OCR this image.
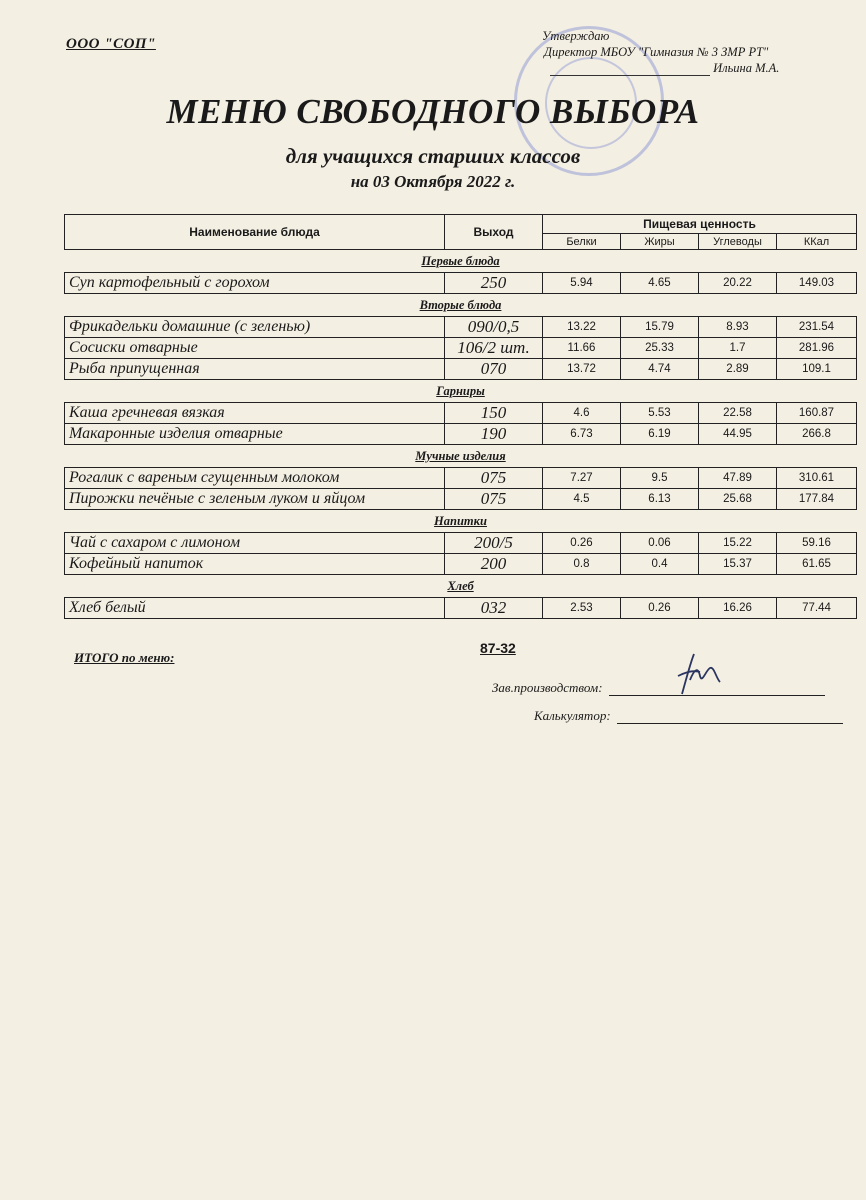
ООО "СОП"	Утверждаю
Директор МБОУ "Гимназия № 3 ЗМР РТ"
Ильина М.А.
МЕНЮ СВОБОДНОГО ВЫБОРА
для учащихся старших классов
на 03 Октября 2022 г.
Наименование блюда	Выход	Пищевая ценность			
		Белки	Жиры	Углеводы	ККал
Первые блюда					
Суп картофельный с горохом	250	5.94	4.65	20.22	149.03
Вторые блюда					
Фрикадельки домашние (с зеленью)	090/0,5	13.22	15.79	8.93	231.54
Сосиски отварные	106/2 шт.	11.66	25.33	1.7	281.96
Рыба припущенная	070	13.72	4.74	2.89	109.1
Гарниры					
Каша гречневая вязкая	150	4.6	5.53	22.58	160.87
Макаронные изделия отварные	190	6.73	6.19	44.95	266.8
Мучные изделия					
Рогалик с вареным сгущенным молоком	075	7.27	9.5	47.89	310.61
Пирожки печёные с зеленым луком и яйцом	075	4.5	6.13	25.68	177.84
Напитки					
Чай с сахаром с лимоном	200/5	0.26	0.06	15.22	59.16
Кофейный напиток	200	0.8	0.4	15.37	61.65
Хлеб					
Хлеб белый	032	2.53	0.26	16.26	77.44
ИТОГО по меню:
87-32
Зав.производством:
Калькулятор:
